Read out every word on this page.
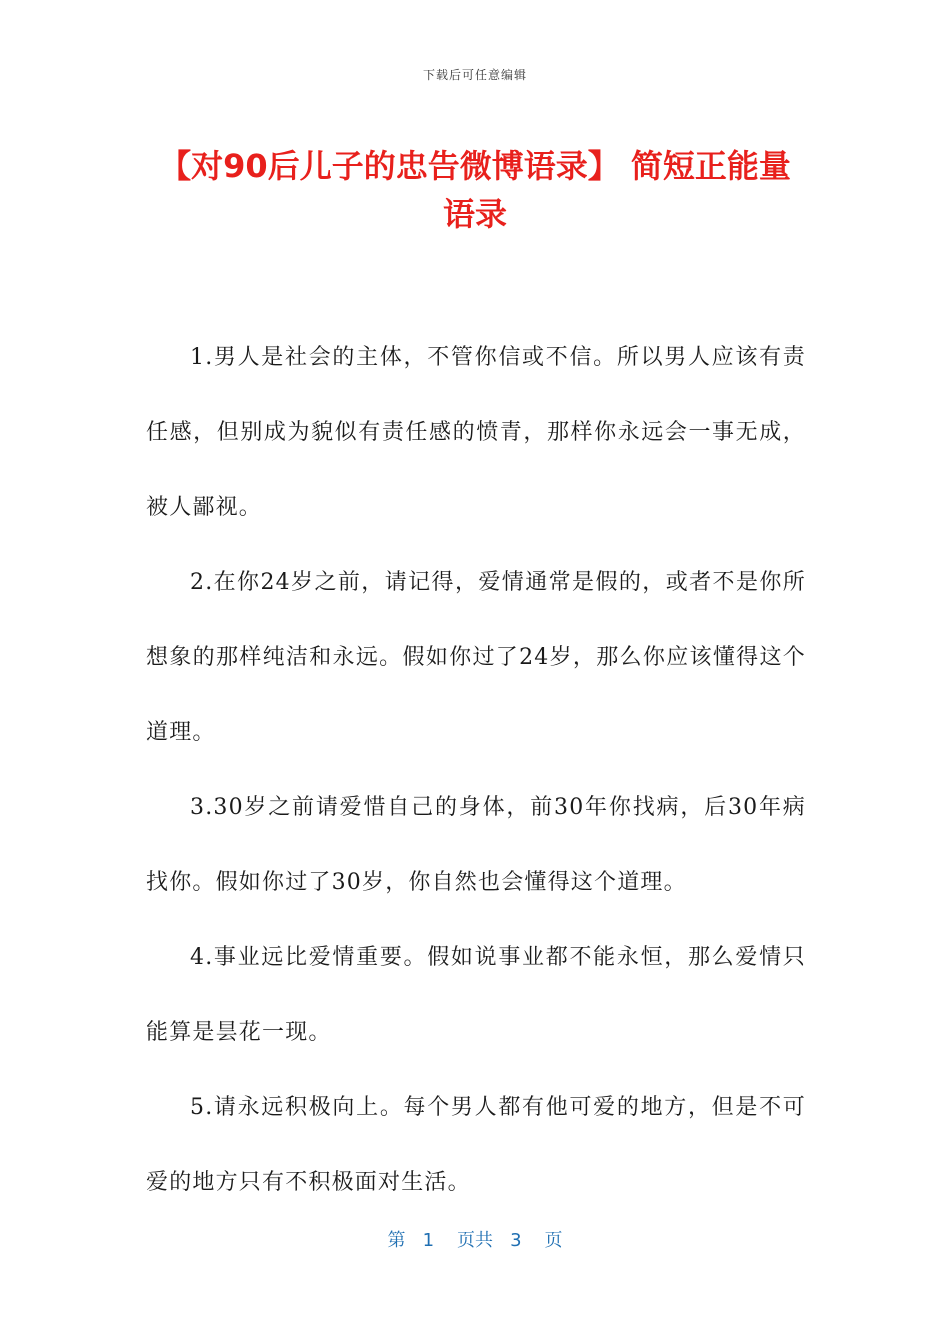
下载后可任意编辑
【对90后儿子的忠告微博语录】 简短正能量语录

1.男人是社会的主体，不管你信或不信。所以男人应该有责任感，但别成为貌似有责任感的愤青，那样你永远会一事无成，被人鄙视。

2.在你24岁之前，请记得，爱情通常是假的，或者不是你所想象的那样纯洁和永远。假如你过了24岁，那么你应该懂得这个道理。

3.30岁之前请爱惜自己的身体，前30年你找病，后30年病找你。假如你过了30岁，你自然也会懂得这个道理。

4.事业远比爱情重要。假如说事业都不能永恒，那么爱情只能算是昙花一现。

5.请永远积极向上。每个男人都有他可爱的地方，但是不可爱的地方只有不积极面对生活。

第 1 页共 3 页
